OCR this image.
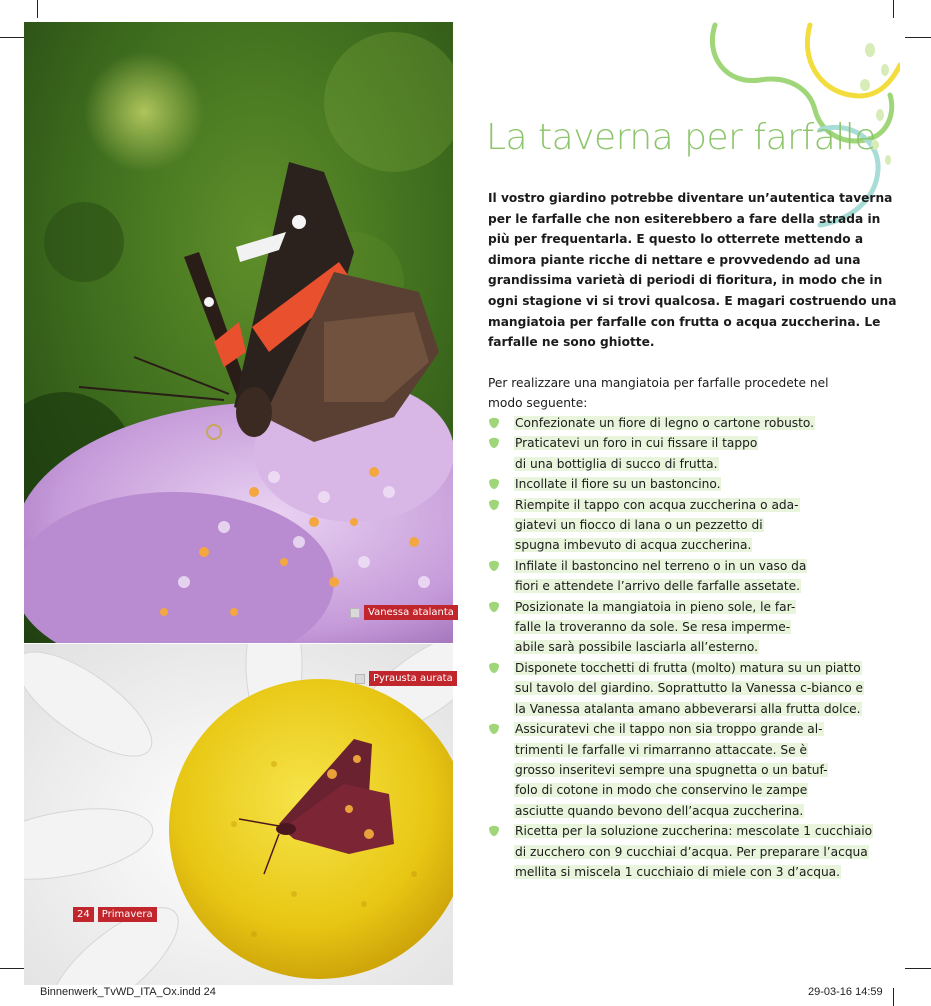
Vanessa atalanta
Pyrausta aurata
24	Primavera
La taverna per farfalle
Il vostro giardino potrebbe diventare un’autentica taverna
per le farfalle che non esiterebbero a fare della strada in
più per frequentarla. E questo lo otterrete mettendo a
dimora piante ricche di nettare e provvedendo ad una
grandissima varietà di periodi di fioritura, in modo che in
ogni stagione vi si trovi qualcosa. E magari costruendo una
mangiatoia per farfalle con frutta o acqua zuccherina. Le
farfalle ne sono ghiotte.
Per realizzare una mangiatoia per farfalle procedete nel
modo seguente:
Confezionate un fiore di legno o cartone robusto.
Praticatevi un foro in cui fissare il tappo
di una bottiglia di succo di frutta.
Incollate il fiore su un bastoncino.
Riempite il tappo con acqua zuccherina o ada-
giatevi un fiocco di lana o un pezzetto di
spugna imbevuto di acqua zuccherina.
Infilate il bastoncino nel terreno o in un vaso da
fiori e attendete l’arrivo delle farfalle assetate.
Posizionate la mangiatoia in pieno sole, le far-
falle la troveranno da sole. Se resa imperme-
abile sarà possibile lasciarla all’esterno.
Disponete tocchetti di frutta (molto) matura su un piatto
sul tavolo del giardino. Soprattutto la Vanessa c-bianco e
la Vanessa atalanta amano abbeverarsi alla frutta dolce.
Assicuratevi che il tappo non sia troppo grande al-
trimenti le farfalle vi rimarranno attaccate. Se è
grosso inseritevi sempre una spugnetta o un batuf-
folo di cotone in modo che conservino le zampe
asciutte quando bevono dell’acqua zuccherina.
Ricetta per la soluzione zuccherina: mescolate 1 cucchiaio
di zucchero con 9 cucchiai d’acqua. Per preparare l’acqua
mellita si miscela 1 cucchiaio di miele con 3 d’acqua.
Binnenwerk_TvWD_ITA_Ox.indd 24	29-03-16 14:59
